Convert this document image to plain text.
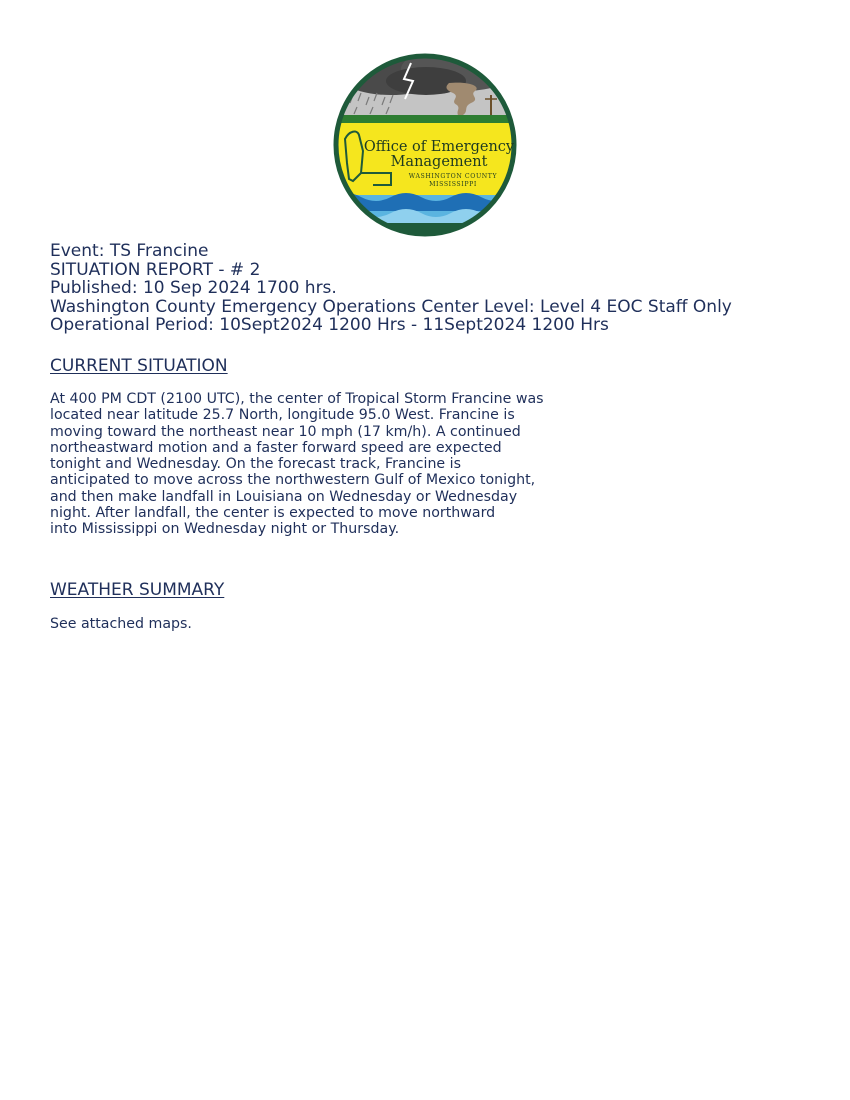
Office of Emergency
Management
WASHINGTON COUNTY
MISSISSIPPI
Event: TS Francine
SITUATION REPORT - # 2
Published: 10 Sep 2024 1700 hrs.
Washington County Emergency Operations Center Level: Level 4 EOC Staff Only
Operational Period: 10Sept2024 1200 Hrs - 11Sept2024 1200 Hrs
CURRENT SITUATION
At 400 PM CDT (2100 UTC), the center of Tropical Storm Francine was
located near latitude 25.7 North, longitude 95.0 West. Francine is
moving toward the northeast near 10 mph (17 km/h). A continued
northeastward motion and a faster forward speed are expected
tonight and Wednesday. On the forecast track, Francine is
anticipated to move across the northwestern Gulf of Mexico tonight,
and then make landfall in Louisiana on Wednesday or Wednesday
night. After landfall, the center is expected to move northward
into Mississippi on Wednesday night or Thursday.
WEATHER SUMMARY
See attached maps.
